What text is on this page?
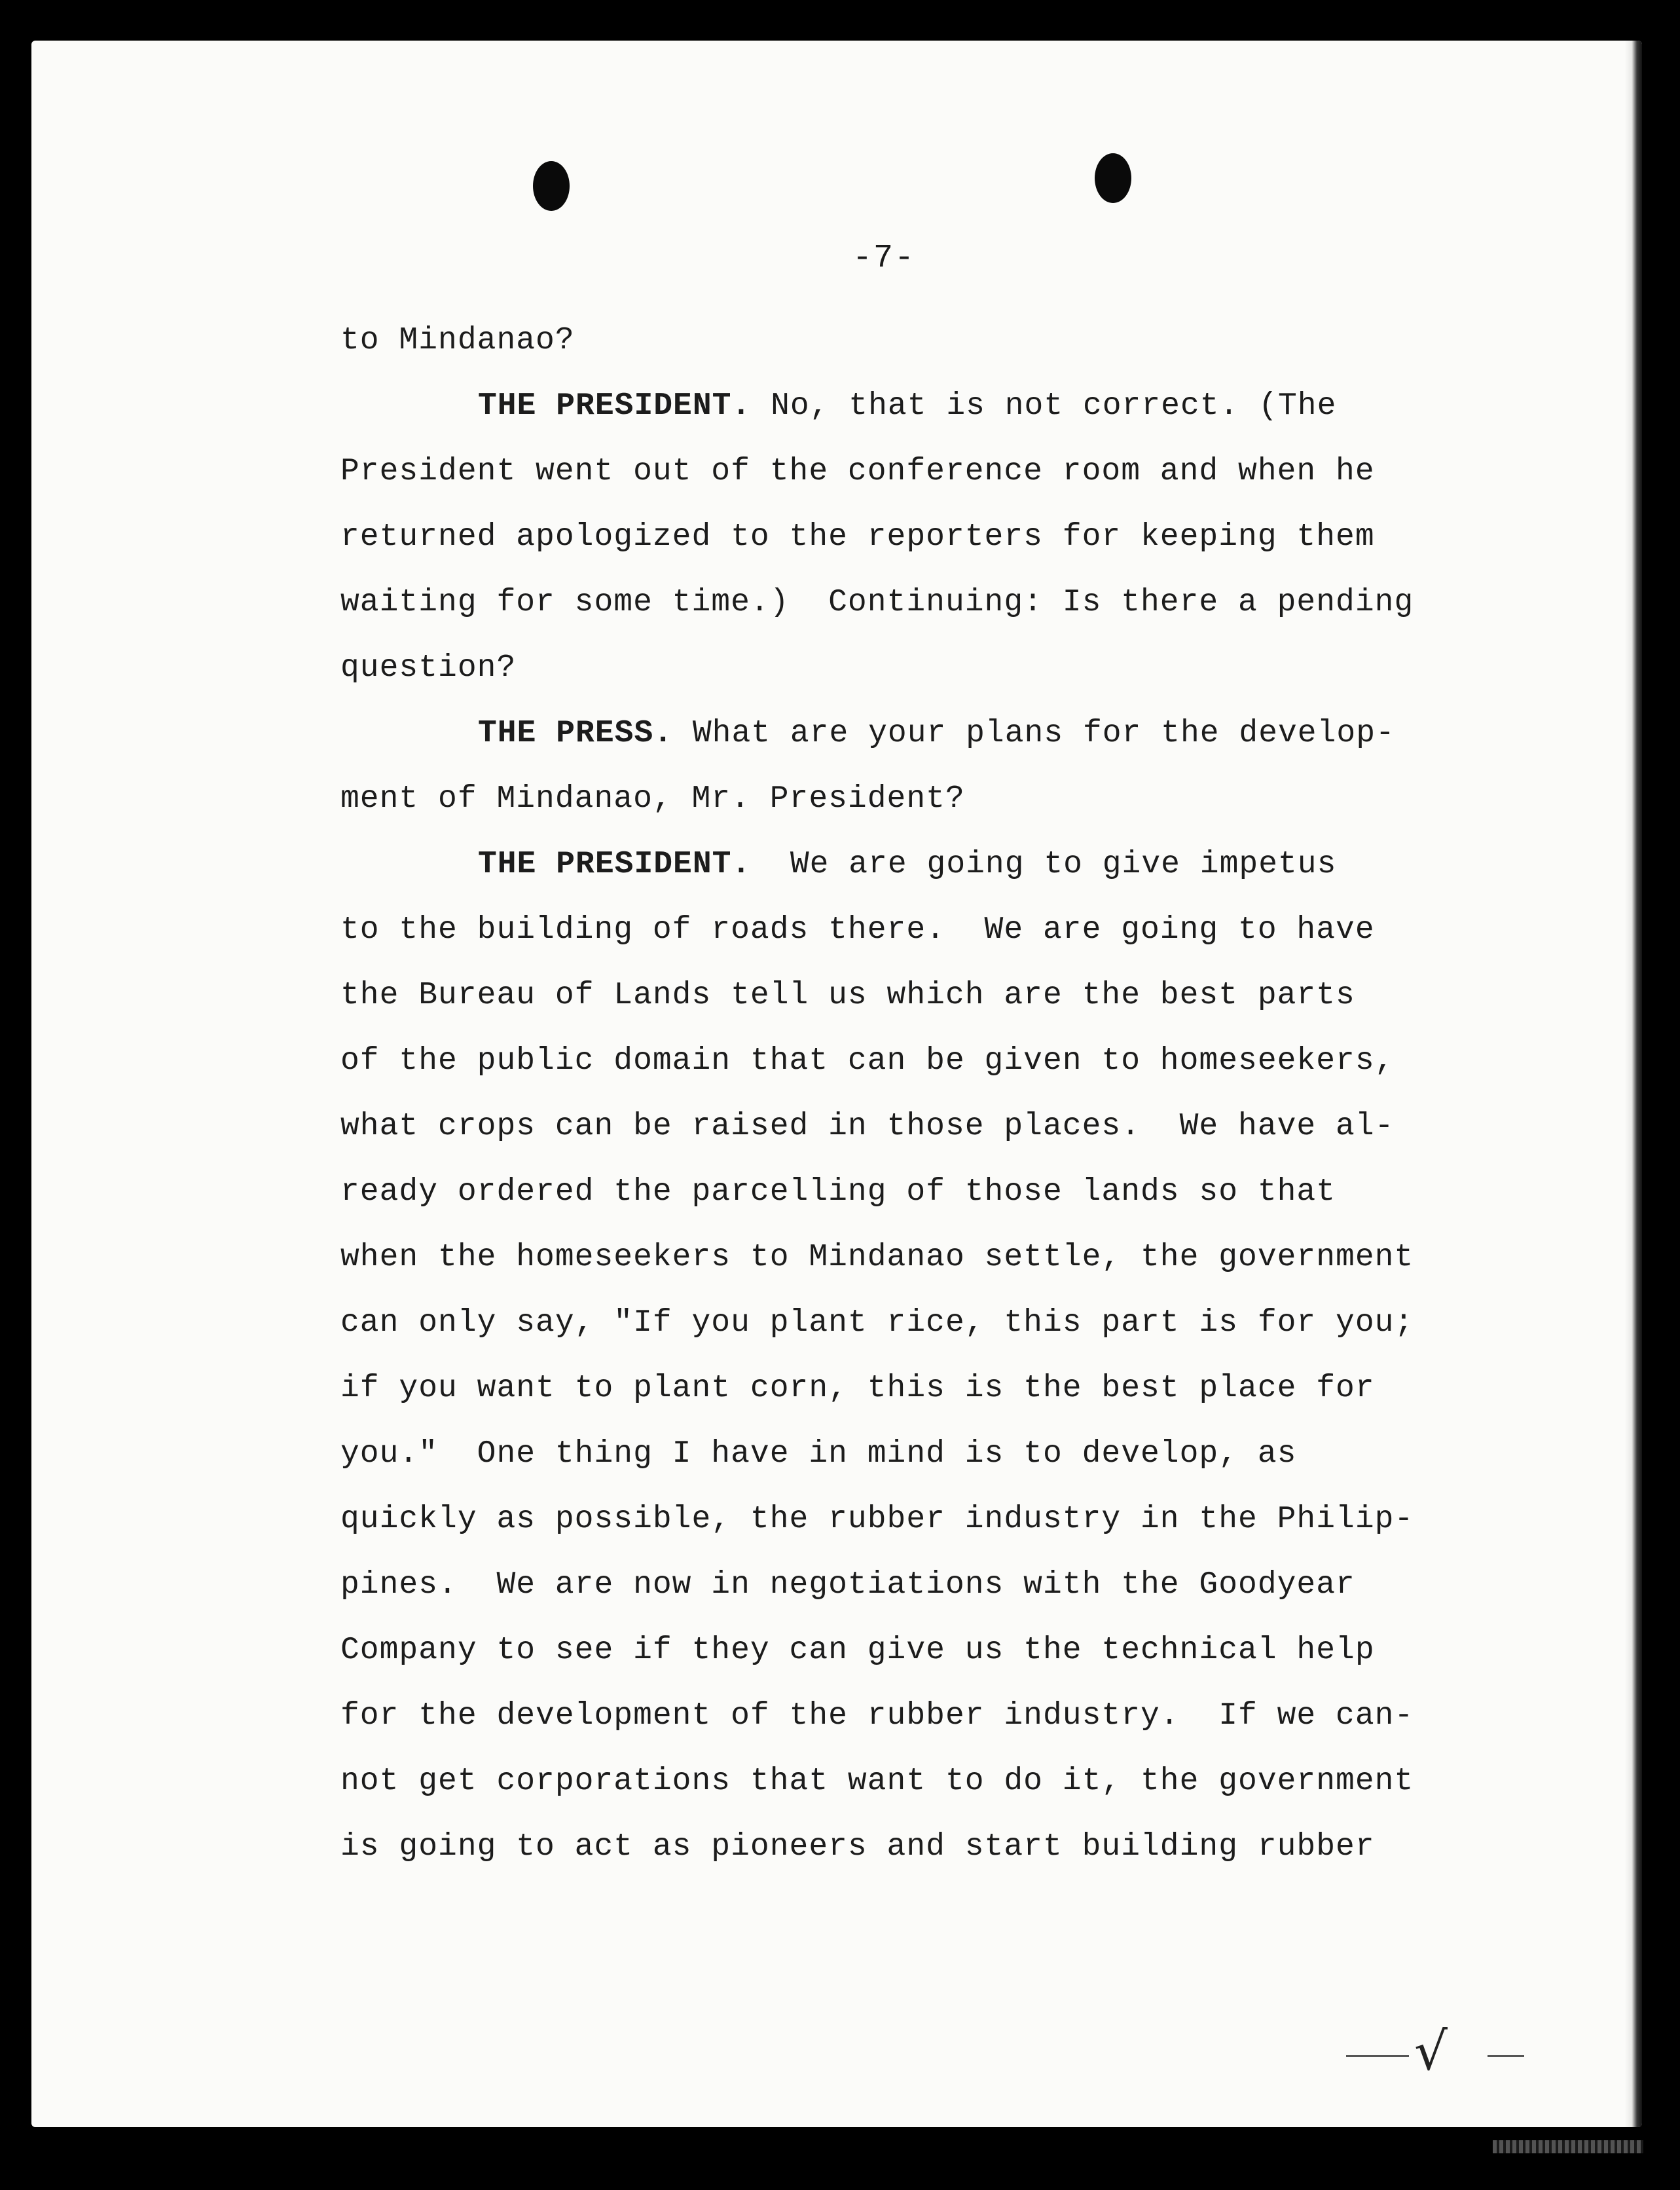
-7-
to Mindanao?
THE PRESIDENT. No, that is not correct. (The
President went out of the conference room and when he
returned apologized to the reporters for keeping them
waiting for some time.)  Continuing: Is there a pending
question?
THE PRESS. What are your plans for the develop-
ment of Mindanao, Mr. President?
THE PRESIDENT.  We are going to give impetus
to the building of roads there.  We are going to have
the Bureau of Lands tell us which are the best parts
of the public domain that can be given to homeseekers,
what crops can be raised in those places.  We have al-
ready ordered the parcelling of those lands so that
when the homeseekers to Mindanao settle, the government
can only say, "If you plant rice, this part is for you;
if you want to plant corn, this is the best place for
you."  One thing I have in mind is to develop, as
quickly as possible, the rubber industry in the Philip-
pines.  We are now in negotiations with the Goodyear
Company to see if they can give us the technical help
for the development of the rubber industry.  If we can-
not get corporations that want to do it, the government
is going to act as pioneers and start building rubber
√
